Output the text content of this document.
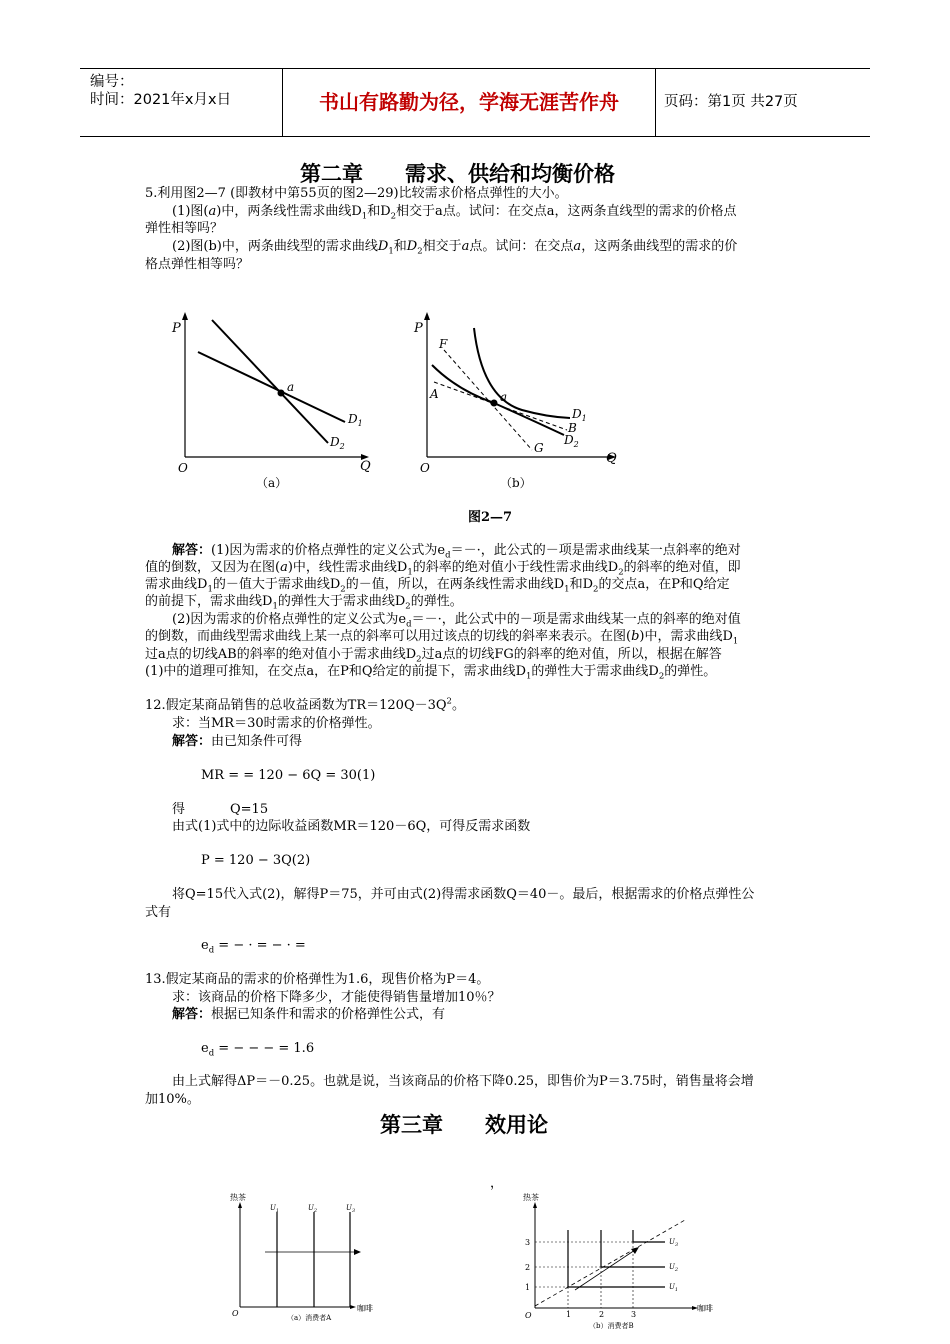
编号：
时间：2021年x月x日	书山有路勤为径，学海无涯苦作舟	页码：第1页 共27页
第二章　　需求、供给和均衡价格
5.利用图2—7 (即教材中第55页的图2—29)比较需求价格点弹性的大小。
(1)图(a)中，两条线性需求曲线$D_1$和$D_2$相交于a点。试问：在交点a，这两条直线型的需求的价格点
弹性相等吗？
(2)图(b)中，两条曲线型的需求曲线$D_1$和$D_2$相交于a点。试问：在交点a，这两条曲线型的需求的价
格点弹性相等吗？
P
Q
O
a
$D_1$
$D_2$
（a）
P
Q
O
F
A	a
$D_1$
B
$D_2$
G
（b）
图2—7
解答：(1)因为需求的价格点弹性的定义公式为$e_d=-\cdot$，此公式的－项是需求曲线某一点斜率的绝对
值的倒数，又因为在图(a)中，线性需求曲线$D_1$的斜率的绝对值小于线性需求曲线$D_2$的斜率的绝对值，即
需求曲线$D_1$的－值大于需求曲线$D_2$的－值，所以，在两条线性需求曲线$D_1$和$D_2$的交点a，在P和Q给定
的前提下，需求曲线$D_1$的弹性大于需求曲线$D_2$的弹性。
(2)因为需求的价格点弹性的定义公式为$e_d=-\cdot$，此公式中的－项是需求曲线某一点的斜率的绝对值
的倒数，而曲线型需求曲线上某一点的斜率可以用过该点的切线的斜率来表示。在图(b)中，需求曲线$D_1$
过a点的切线AB的斜率的绝对值小于需求曲线$D_2$过a点的切线FG的斜率的绝对值，所以，根据在解答
(1)中的道理可推知，在交点a，在P和Q给定的前提下，需求曲线$D_1$的弹性大于需求曲线$D_2$的弹性。
12.假定某商品销售的总收益函数为$TR=120Q-3Q^2$。
求：当MR＝30时需求的价格弹性。
解答：由已知条件可得
MR = = 120 − 6Q = 30(1)
得	Q=15
由式(1)式中的边际收益函数MR＝120－6Q，可得反需求函数
P = 120 − 3Q(2)
将Q=15代入式(2)，解得P＝75，并可由式(2)得需求函数Q＝40－。最后，根据需求的价格点弹性公
式有
$e_d$ = − · = − · =
13.假定某商品的需求的价格弹性为1.6，现售价格为P＝4。
求：该商品的价格下降多少，才能使得销售量增加10％？
解答：根据已知条件和需求的价格弹性公式，有
$e_d$ = − − − = 1.6
由上式解得ΔP＝－0.25。也就是说，当该商品的价格下降0.25，即售价为P＝3.75时，销售量将会增
加10%。
第三章　　效用论
，
热茶
咖啡
O
$U_1$	$U_2$	$U_3$
（a）消费者A
热茶
咖啡
O
1
2
3
1	2	3
$U_1$
$U_2$
$U_3$
（b）消费者B
